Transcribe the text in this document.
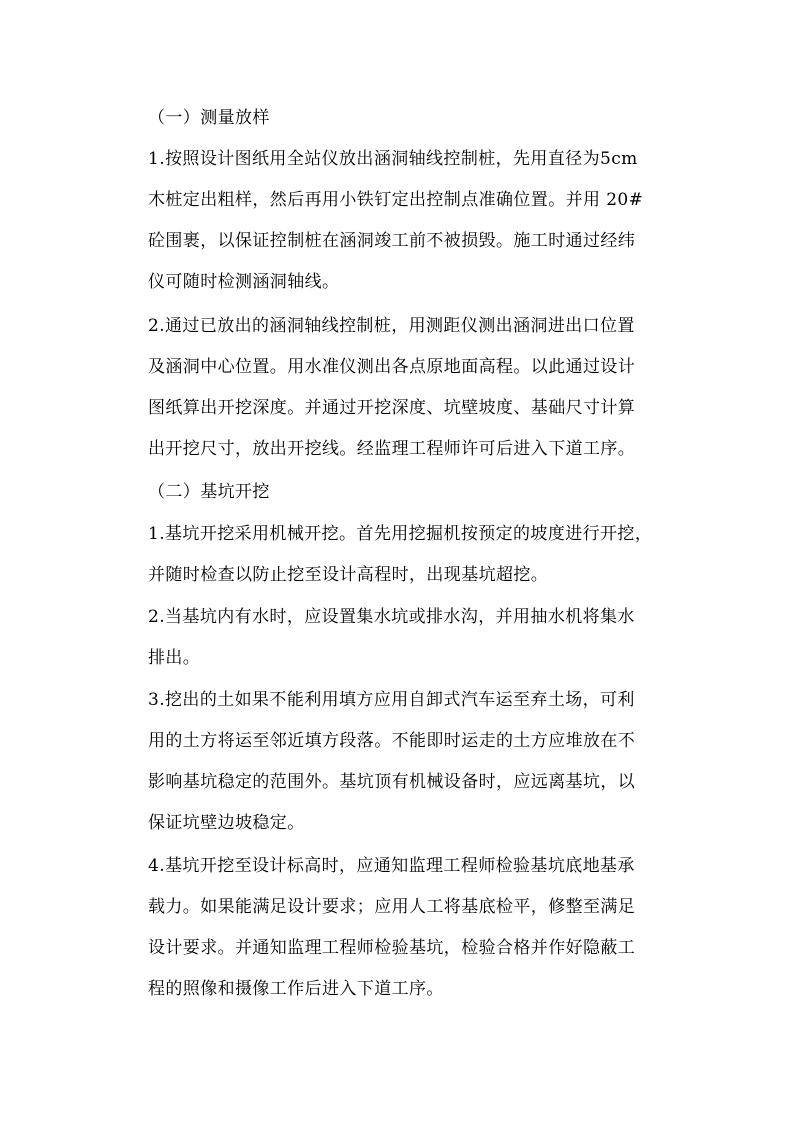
（一）测量放样
1.按照设计图纸用全站仪放出涵洞轴线控制桩，先用直径为5cm
木桩定出粗样，然后再用小铁钉定出控制点准确位置。并用 20#
砼围裹，以保证控制桩在涵洞竣工前不被损毁。施工时通过经纬
仪可随时检测涵洞轴线。
2.通过已放出的涵洞轴线控制桩，用测距仪测出涵洞进出口位置
及涵洞中心位置。用水准仪测出各点原地面高程。以此通过设计
图纸算出开挖深度。并通过开挖深度、坑壁坡度、基础尺寸计算
出开挖尺寸，放出开挖线。经监理工程师许可后进入下道工序。
（二）基坑开挖
1.基坑开挖采用机械开挖。首先用挖掘机按预定的坡度进行开挖，
并随时检查以防止挖至设计高程时，出现基坑超挖。
2.当基坑内有水时，应设置集水坑或排水沟，并用抽水机将集水
排出。
3.挖出的土如果不能利用填方应用自卸式汽车运至弃土场，可利
用的土方将运至邻近填方段落。不能即时运走的土方应堆放在不
影响基坑稳定的范围外。基坑顶有机械设备时，应远离基坑，以
保证坑壁边坡稳定。
4.基坑开挖至设计标高时，应通知监理工程师检验基坑底地基承
载力。如果能满足设计要求；应用人工将基底检平，修整至满足
设计要求。并通知监理工程师检验基坑，检验合格并作好隐蔽工
程的照像和摄像工作后进入下道工序。
